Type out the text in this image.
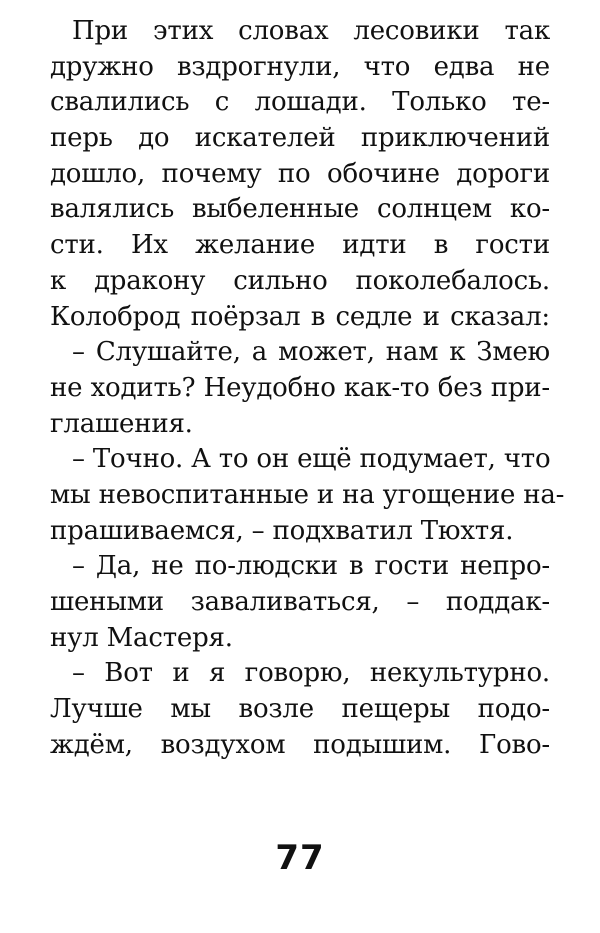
При этих словах лесовики так
дружно вздрогнули, что едва не
свалились с лошади. Только те-
перь до искателей приключений
дошло, почему по обочине дороги
валялись выбеленные солнцем ко-
сти. Их желание идти в гости
к дракону сильно поколебалось.
Колоброд поёрзал в седле и сказал:
– Слушайте, а может, нам к Змею
не ходить? Неудобно как-то без при-
глашения.
– Точно. А то он ещё подумает, что
мы невоспитанные и на угощение на-
прашиваемся, – подхватил Тюхтя.
– Да, не по-людски в гости непро-
шеными заваливаться, – поддак-
нул Мастеря.
– Вот и я говорю, некультурно.
Лучше мы возле пещеры подо-
ждём, воздухом подышим. Гово-
77
